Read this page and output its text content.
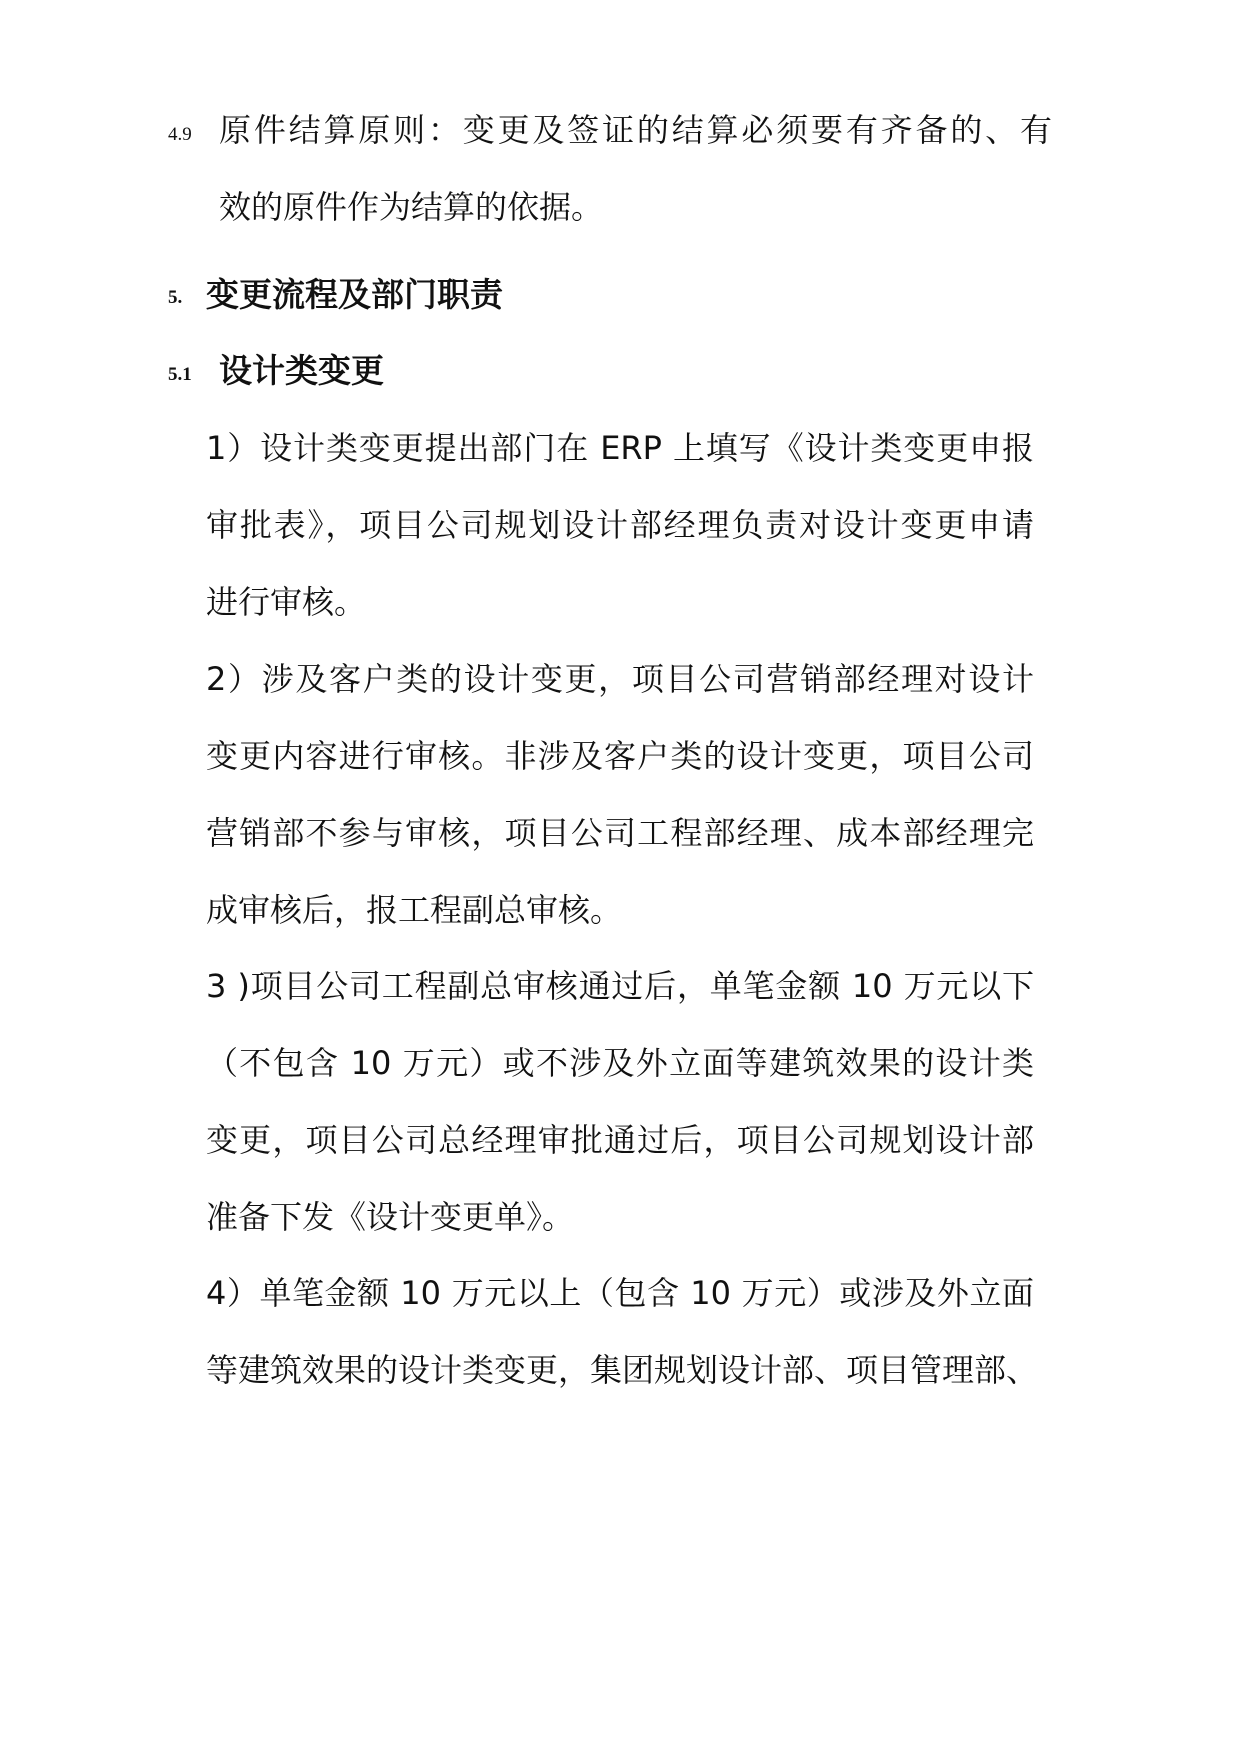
4.9 原件结算原则：变更及签证的结算必须要有齐备的、有
效的原件作为结算的依据。
5. 变更流程及部门职责
5.1 设计类变更
1）设计类变更提出部门在 ERP 上填写《设计类变更申报
审批表》，项目公司规划设计部经理负责对设计变更申请
进行审核。
2）涉及客户类的设计变更，项目公司营销部经理对设计
变更内容进行审核。非涉及客户类的设计变更，项目公司
营销部不参与审核，项目公司工程部经理、成本部经理完
成审核后，报工程副总审核。
3 )项目公司工程副总审核通过后，单笔金额 10 万元以下
（不包含 10 万元）或不涉及外立面等建筑效果的设计类
变更，项目公司总经理审批通过后，项目公司规划设计部
准备下发《设计变更单》。
4）单笔金额 10 万元以上（包含 10 万元）或涉及外立面
等建筑效果的设计类变更，集团规划设计部、项目管理部、
